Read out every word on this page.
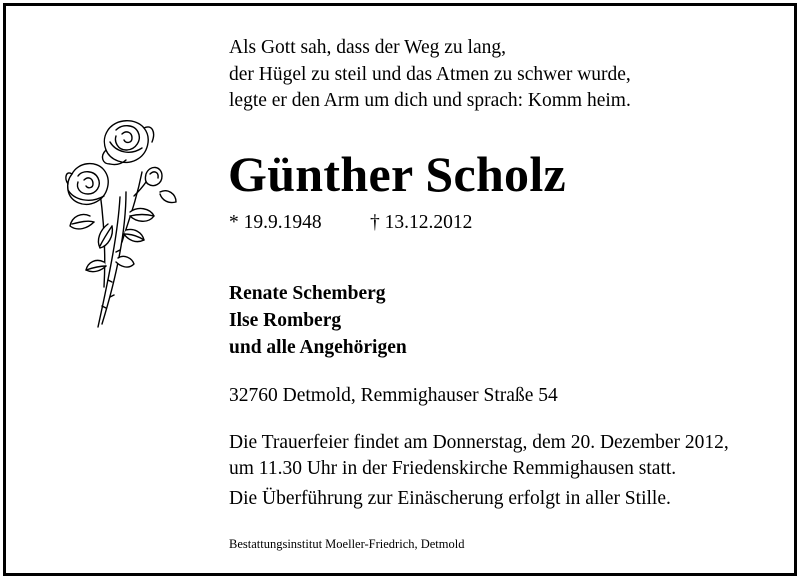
Als Gott sah, dass der Weg zu lang,
der Hügel zu steil und das Atmen zu schwer wurde,
legte er den Arm um dich und sprach: Komm heim.
Günther Scholz
* 19.9.1948 † 13.12.2012
Renate Schemberg
Ilse Romberg
und alle Angehörigen
32760 Detmold, Remmighauser Straße 54
Die Trauerfeier findet am Donnerstag, dem 20. Dezember 2012,
um 11.30 Uhr in der Friedenskirche Remmighausen statt.
Die Überführung zur Einäscherung erfolgt in aller Stille.
Bestattungsinstitut Moeller-Friedrich, Detmold
